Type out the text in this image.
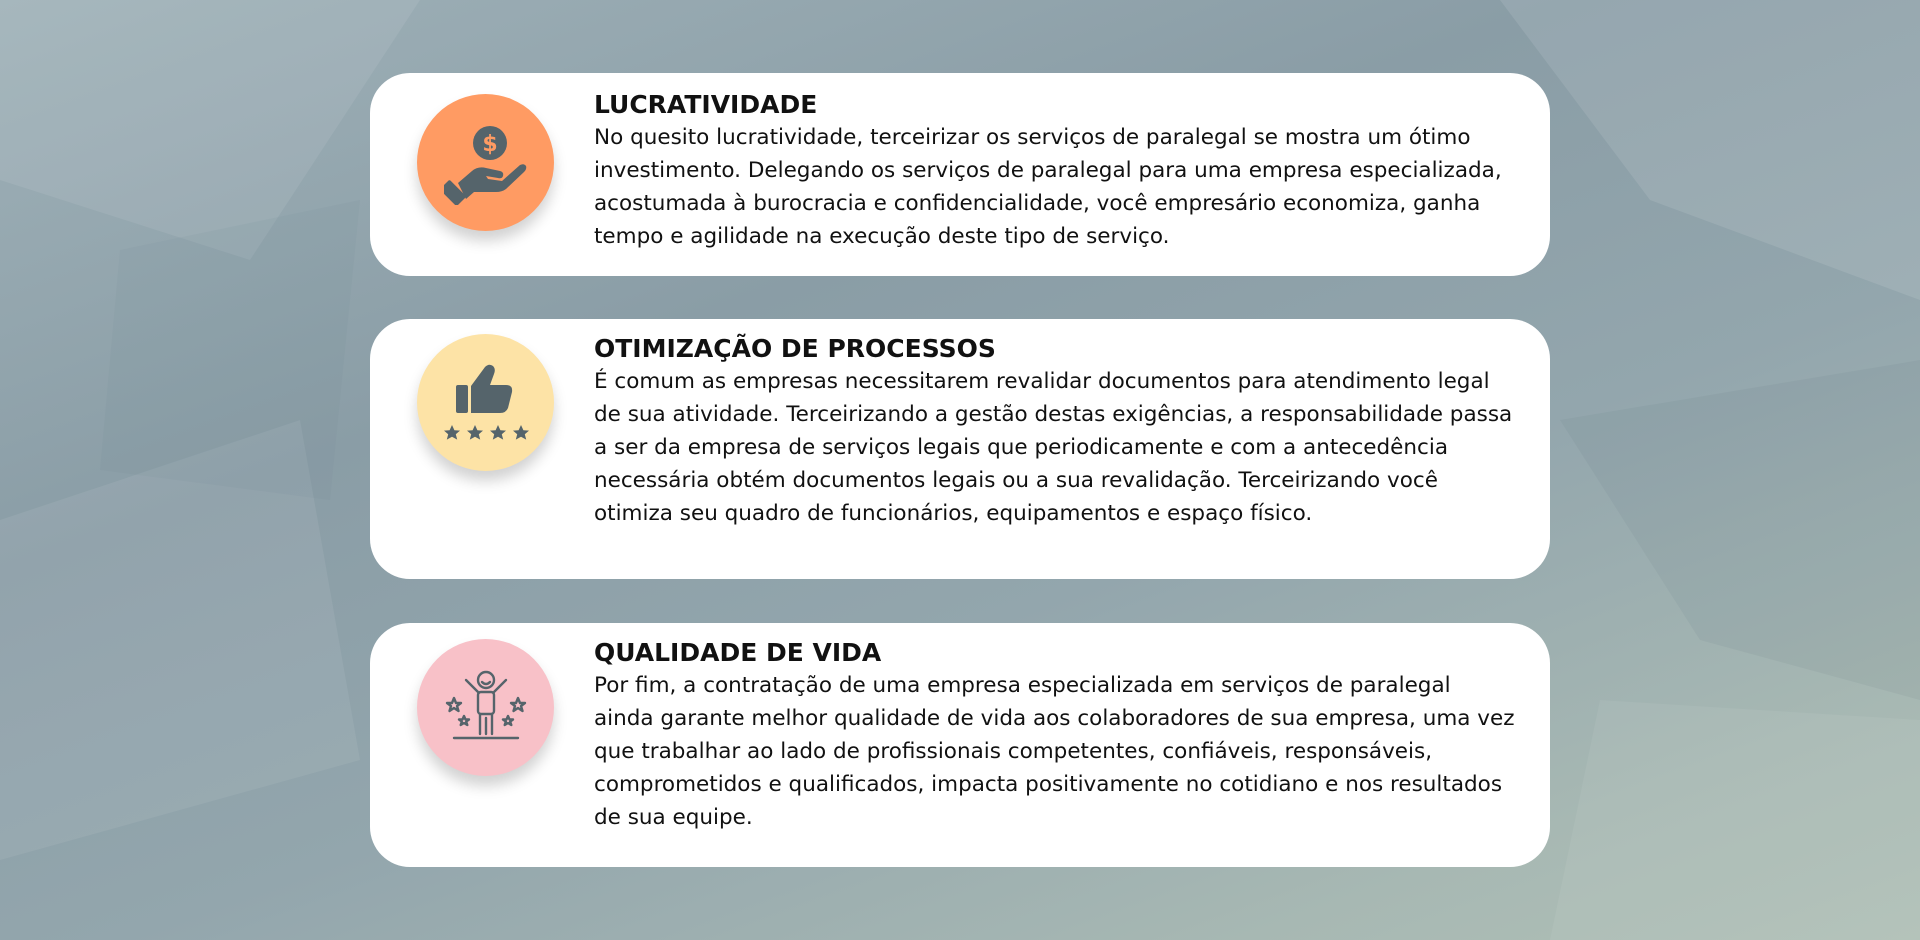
$

LUCRATIVIDADE

No quesito lucratividade, terceirizar os serviços de paralegal se mostra um ótimo investimento. Delegando os serviços de paralegal para uma empresa especializada, acostumada à burocracia e confidencialidade, você empresário economiza, ganha tempo e agilidade na execução deste tipo de serviço.

OTIMIZAÇÃO DE PROCESSOS

É comum as empresas necessitarem revalidar documentos para atendimento legal de sua atividade. Terceirizando a gestão destas exigências, a responsabilidade passa a ser da empresa de serviços legais que periodicamente e com a antecedência necessária obtém documentos legais ou a sua revalidação. Terceirizando você otimiza seu quadro de funcionários, equipamentos e espaço físico.

QUALIDADE DE VIDA

Por fim, a contratação de uma empresa especializada em serviços de paralegal ainda garante melhor qualidade de vida aos colaboradores de sua empresa, uma vez que trabalhar ao lado de profissionais competentes, confiáveis, responsáveis, comprometidos e qualificados, impacta positivamente no cotidiano e nos resultados de sua equipe.
